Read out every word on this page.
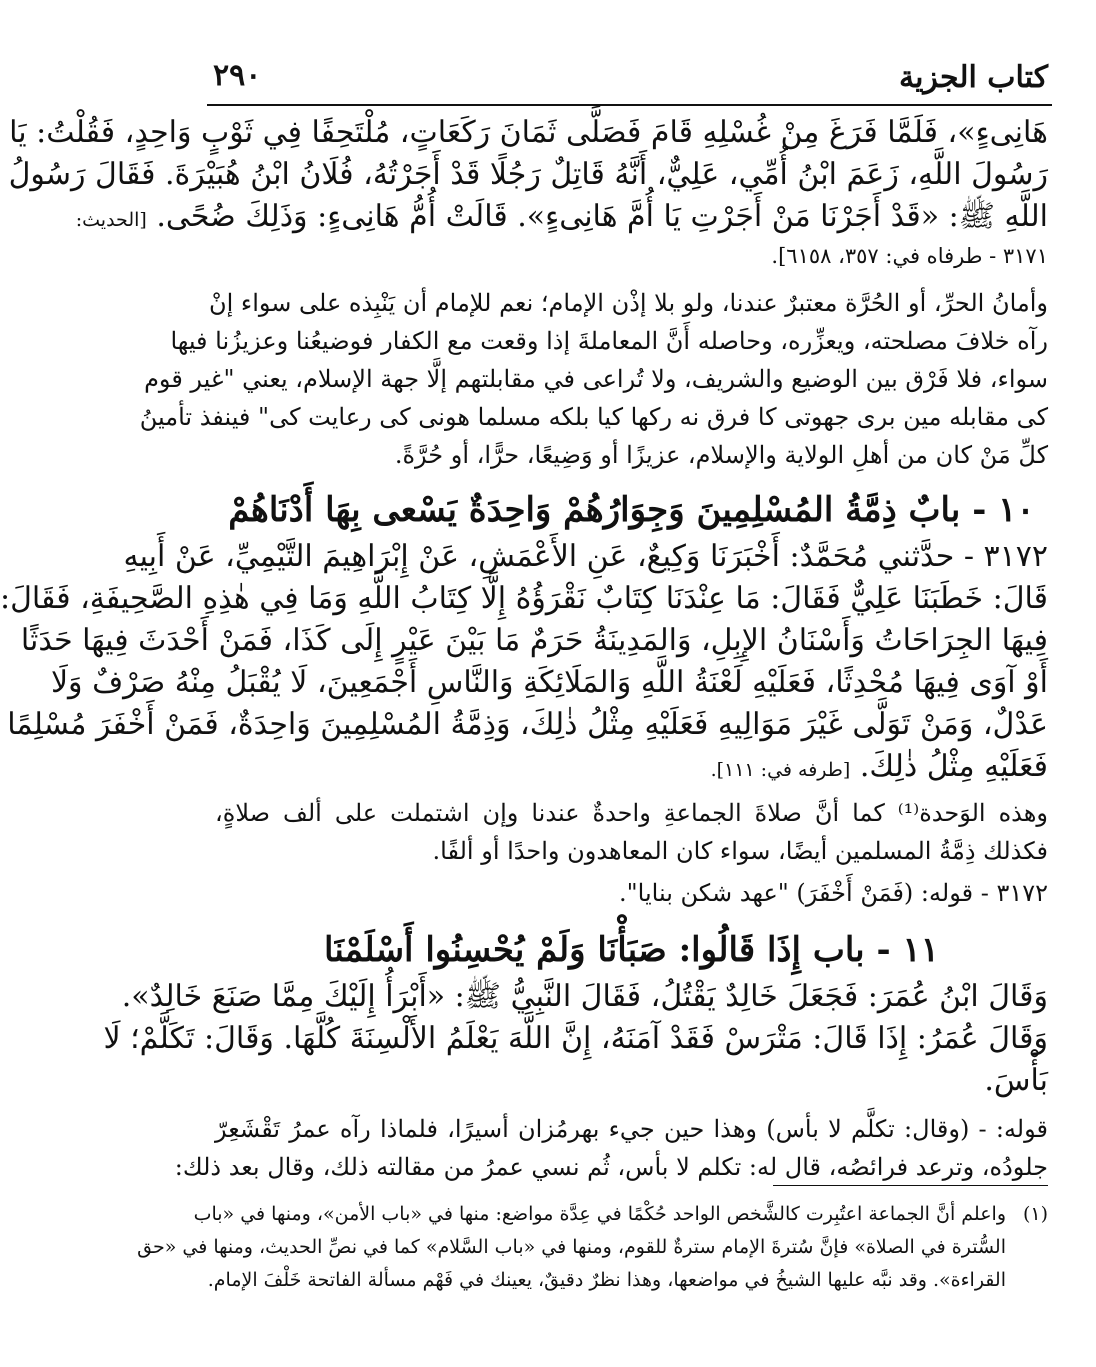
كتاب الجزية
٢٩٠
هَانِىءٍ»، فَلَمَّا فَرَغَ مِنْ غُسْلِهِ قَامَ فَصَلَّى ثَمَانَ رَكَعَاتٍ، مُلْتَحِفًا فِي ثَوْبٍ وَاحِدٍ، فَقُلْتُ: يَا
رَسُولَ اللَّهِ، زَعَمَ ابْنُ أُمِّي، عَلِيٌّ، أَنَّهُ قَاتِلٌ رَجُلًا قَدْ أَجَرْتُهُ، فُلَانُ ابْنُ هُبَيْرَةَ. فَقَالَ رَسُولُ
اللَّهِ ﷺ: «قَدْ أَجَرْنَا مَنْ أَجَرْتِ يَا أُمَّ هَانِىءٍ». قَالَتْ أُمُّ هَانِىءٍ: وَذَلِكَ ضُحًى. [الحديث:
٣١٧١ - طرفاه في: ٣٥٧، ٦١٥٨].
وأمانُ الحرِّ، أو الحُرَّة معتبرٌ عندنا، ولو بلا إذْن الإمام؛ نعم للإمام أن يَنْبِذه على سواء إنْ
رآه خلافَ مصلحته، ويعزِّره، وحاصله أَنَّ المعاملةَ إذا وقعت مع الكفار فوضيعُنا وعزيزُنا فيها
سواء، فلا فَرْق بين الوضيع والشريف، ولا تُراعى في مقابلتهم إلَّا جهة الإسلام، يعني "غير قوم
كى مقابله مين برى جهوتى كا فرق نه ركها كيا بلكه مسلما هونى كى رعايت كى" فينفذ تأمينُ
كلِّ مَنْ كان من أهلِ الولاية والإسلام، عزيزًا أو وَضِيعًا، حرًّا، أو حُرَّةً.
١٠ - بابٌ ذِمَّةُ المُسْلِمِينَ وَجِوَارُهُمْ وَاحِدَةٌ يَسْعى بِهَا أَدْنَاهُمْ
٣١٧٢ - حدَّثني مُحَمَّدٌ: أَخْبَرَنَا وَكِيعٌ، عَنِ الأَعْمَشِ، عَنْ إِبْرَاهِيمَ التَّيْمِيِّ، عَنْ أَبِيهِ
قَالَ: خَطَبَنَا عَلِيٌّ فَقَالَ: مَا عِنْدَنَا كِتَابٌ نَقْرَؤُهُ إِلَّا كِتَابُ اللَّهِ وَمَا فِي هٰذِهِ الصَّحِيفَةِ، فَقَالَ:
فِيهَا الجِرَاحَاتُ وَأَسْنَانُ الإِبِلِ، وَالمَدِينَةُ حَرَمٌ مَا بَيْنَ عَيْرٍ إِلَى كَذَا، فَمَنْ أَحْدَثَ فِيهَا حَدَثًا
أَوْ آوَى فِيهَا مُحْدِثًا، فَعَلَيْهِ لَعْنَةُ اللَّهِ وَالمَلَائِكَةِ وَالنَّاسِ أَجْمَعِينَ، لَا يُقْبَلُ مِنْهُ صَرْفٌ وَلَا
عَدْلٌ، وَمَنْ تَوَلَّى غَيْرَ مَوَالِيهِ فَعَلَيْهِ مِثْلُ ذٰلِكَ، وَذِمَّةُ المُسْلِمِينَ وَاحِدَةٌ، فَمَنْ أَخْفَرَ مُسْلِمًا
فَعَلَيْهِ مِثْلُ ذٰلِكَ. [طرفه في: ١١١].
وهذه الوَحدة⁽¹⁾ كما أنَّ صلاةَ الجماعةِ واحدةٌ عندنا وإن اشتملت على ألف صلاةٍ،
فكذلك ذِمَّةُ المسلمين أيضًا، سواء كان المعاهدون واحدًا أو ألفًا.
٣١٧٢ - قوله: (فَمَنْ أَخْفَرَ) "عهد شكن بنايا".
١١ - باب إِذَا قَالُوا: صَبَأْنَا وَلَمْ يُحْسِنُوا أَسْلَمْنَا
وَقَالَ ابْنُ عُمَرَ: فَجَعَلَ خَالِدٌ يَقْتُلُ، فَقَالَ النَّبِيُّ ﷺ: «أَبْرَأُ إِلَيْكَ مِمَّا صَنَعَ خَالِدٌ».
وَقَالَ عُمَرُ: إِذَا قَالَ: مَتْرَسْ فَقَدْ آمَنَهُ، إِنَّ اللَّهَ يَعْلَمُ الأَلْسِنَةَ كُلَّهَا. وَقَالَ: تَكَلَّمْ؛ لَا
بَأْسَ.
قوله: - (وقال: تكلَّم لا بأس) وهذا حين جيء بهرمُزان أسيرًا، فلماذا رآه عمرُ تَقْشَعِرّ
جلودُه، وترعد فرائصُه، قال له: تكلم لا بأس، ثُم نسي عمرُ من مقالته ذلك، وقال بعد ذلك:
(١)واعلم أنَّ الجماعة اعتُبِرت كالشَّخص الواحد حُكْمًا في عِدَّة مواضع: منها في «باب الأمن»، ومنها في «باب
السُّترة في الصلاة» فإنَّ سُترةَ الإمام سترةٌ للقوم، ومنها في «باب السَّلام» كما في نصِّ الحديث، ومنها في «حق
القراءة». وقد نبَّه عليها الشيخُ في مواضعها، وهذا نظرٌ دقيقٌ، يعينك في فَهْم مسألة الفاتحة خَلْفَ الإمام.
